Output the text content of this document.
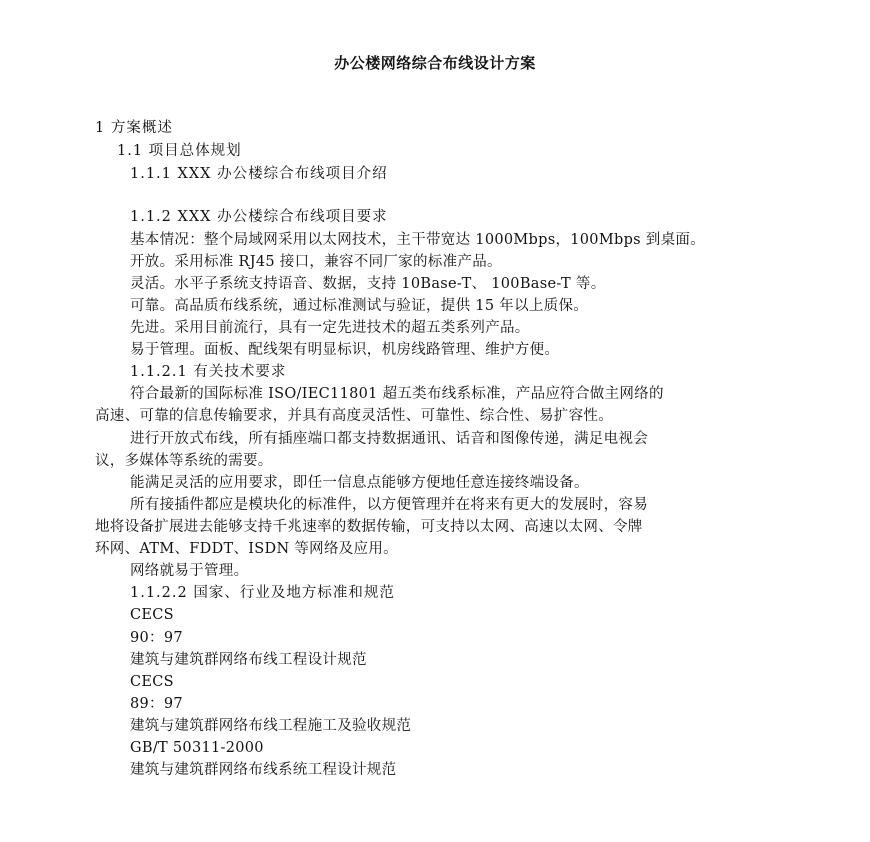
办公楼网络综合布线设计方案
1 方案概述
1.1 项目总体规划
1.1.1 XXX 办公楼综合布线项目介绍
1.1.2 XXX 办公楼综合布线项目要求
基本情况：整个局域网采用以太网技术，主干带宽达 1000Mbps，100Mbps 到桌面。
开放。采用标准 RJ45 接口，兼容不同厂家的标准产品。
灵活。水平子系统支持语音、数据，支持 10Base-T、 100Base-T 等。
可靠。高品质布线系统，通过标准测试与验证，提供 15 年以上质保。
先进。采用目前流行，具有一定先进技术的超五类系列产品。
易于管理。面板、配线架有明显标识，机房线路管理、维护方便。
1.1.2.1 有关技术要求
符合最新的国际标准 ISO/IEC11801 超五类布线系标准，产品应符合做主网络的
高速、可靠的信息传输要求，并具有高度灵活性、可靠性、综合性、易扩容性。
进行开放式布线，所有插座端口都支持数据通讯、话音和图像传递，满足电视会
议，多媒体等系统的需要。
能满足灵活的应用要求，即任一信息点能够方便地任意连接终端设备。
所有接插件都应是模块化的标准件，以方便管理并在将来有更大的发展时，容易
地将设备扩展进去能够支持千兆速率的数据传输，可支持以太网、高速以太网、令牌
环网、ATM、FDDT、ISDN 等网络及应用。
网络就易于管理。
1.1.2.2 国家、行业及地方标准和规范
CECS
90：97
建筑与建筑群网络布线工程设计规范
CECS
89：97
建筑与建筑群网络布线工程施工及验收规范
GB/T 50311-2000
建筑与建筑群网络布线系统工程设计规范
